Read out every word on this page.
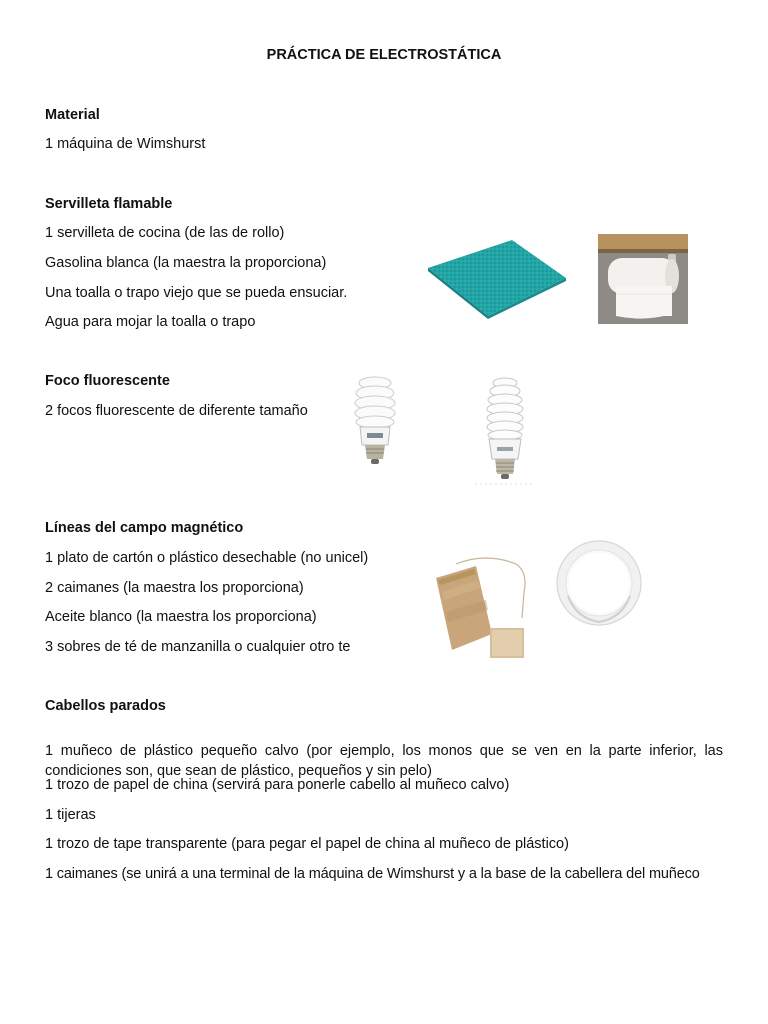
PRÁCTICA DE ELECTROSTÁTICA

Material

1 máquina de Wimshurst

Servilleta flamable

1 servilleta de cocina (de las de rollo)

Gasolina blanca (la maestra la proporciona)

Una toalla o trapo viejo que se pueda ensuciar.

Agua para mojar la toalla o trapo

Foco fluorescente

2 focos fluorescente de diferente tamaño

Líneas del campo magnético

1 plato de cartón o plástico desechable (no unicel)

2 caimanes (la maestra los proporciona)

Aceite blanco (la maestra los proporciona)

3 sobres de té de manzanilla o cualquier otro te

Cabellos parados

1 muñeco de plástico pequeño calvo (por ejemplo, los monos que se ven en la parte inferior, las condiciones son, que sean de plástico, pequeños y sin pelo)

1 trozo de papel de china (servirá para ponerle cabello al muñeco calvo)

1 tijeras

1 trozo de tape transparente (para pegar el papel de china al muñeco de plástico)

1 caimanes (se unirá a una terminal de la máquina de Wimshurst y a la base de la cabellera del muñeco
